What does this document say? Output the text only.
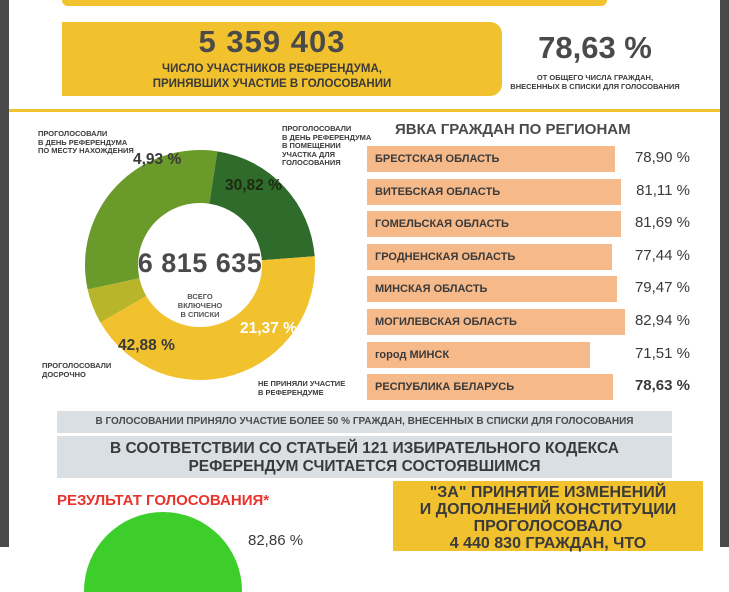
5 359 403
ЧИСЛО УЧАСТНИКОВ РЕФЕРЕНДУМА,
ПРИНЯВШИХ УЧАСТИЕ В ГОЛОСОВАНИИ
78,63 %
ОТ ОБЩЕГО ЧИСЛА ГРАЖДАН,
ВНЕСЕННЫХ В СПИСКИ ДЛЯ ГОЛОСОВАНИЯ
ПРОГОЛОСОВАЛИ
В ДЕНЬ РЕФЕРЕНДУМА
ПО МЕСТУ НАХОЖДЕНИЯ
ПРОГОЛОСОВАЛИ
В ДЕНЬ РЕФЕРЕНДУМА
В ПОМЕЩЕНИИ
УЧАСТКА ДЛЯ
ГОЛОСОВАНИЯ
НЕ ПРИНЯЛИ УЧАСТИЕ
В РЕФЕРЕНДУМЕ
ПРОГОЛОСОВАЛИ
ДОСРОЧНО
4,93 %
30,82 %
21,37 %
42,88 %
6 815 635
ВСЕГО
ВКЛЮЧЕНО
В СПИСКИ
ЯВКА ГРАЖДАН ПО РЕГИОНАМ
БРЕСТСКАЯ ОБЛАСТЬ	78,90 %
ВИТЕБСКАЯ ОБЛАСТЬ	81,11 %
ГОМЕЛЬСКАЯ ОБЛАСТЬ	81,69 %
ГРОДНЕНСКАЯ ОБЛАСТЬ	77,44 %
МИНСКАЯ ОБЛАСТЬ	79,47 %
МОГИЛЕВСКАЯ ОБЛАСТЬ	82,94 %
город МИНСК	71,51 %
РЕСПУБЛИКА БЕЛАРУСЬ	78,63 %
В ГОЛОСОВАНИИ ПРИНЯЛО УЧАСТИЕ БОЛЕЕ 50 % ГРАЖДАН, ВНЕСЕННЫХ В СПИСКИ ДЛЯ ГОЛОСОВАНИЯ
В СООТВЕТСТВИИ СО СТАТЬЕЙ 121 ИЗБИРАТЕЛЬНОГО КОДЕКСА
РЕФЕРЕНДУМ СЧИТАЕТСЯ СОСТОЯВШИМСЯ
РЕЗУЛЬТАТ ГОЛОСОВАНИЯ*
82,86 %
"ЗА" ПРИНЯТИЕ ИЗМЕНЕНИЙ
И ДОПОЛНЕНИЙ КОНСТИТУЦИИ
ПРОГОЛОСОВАЛО
4 440 830 ГРАЖДАН, ЧТО
